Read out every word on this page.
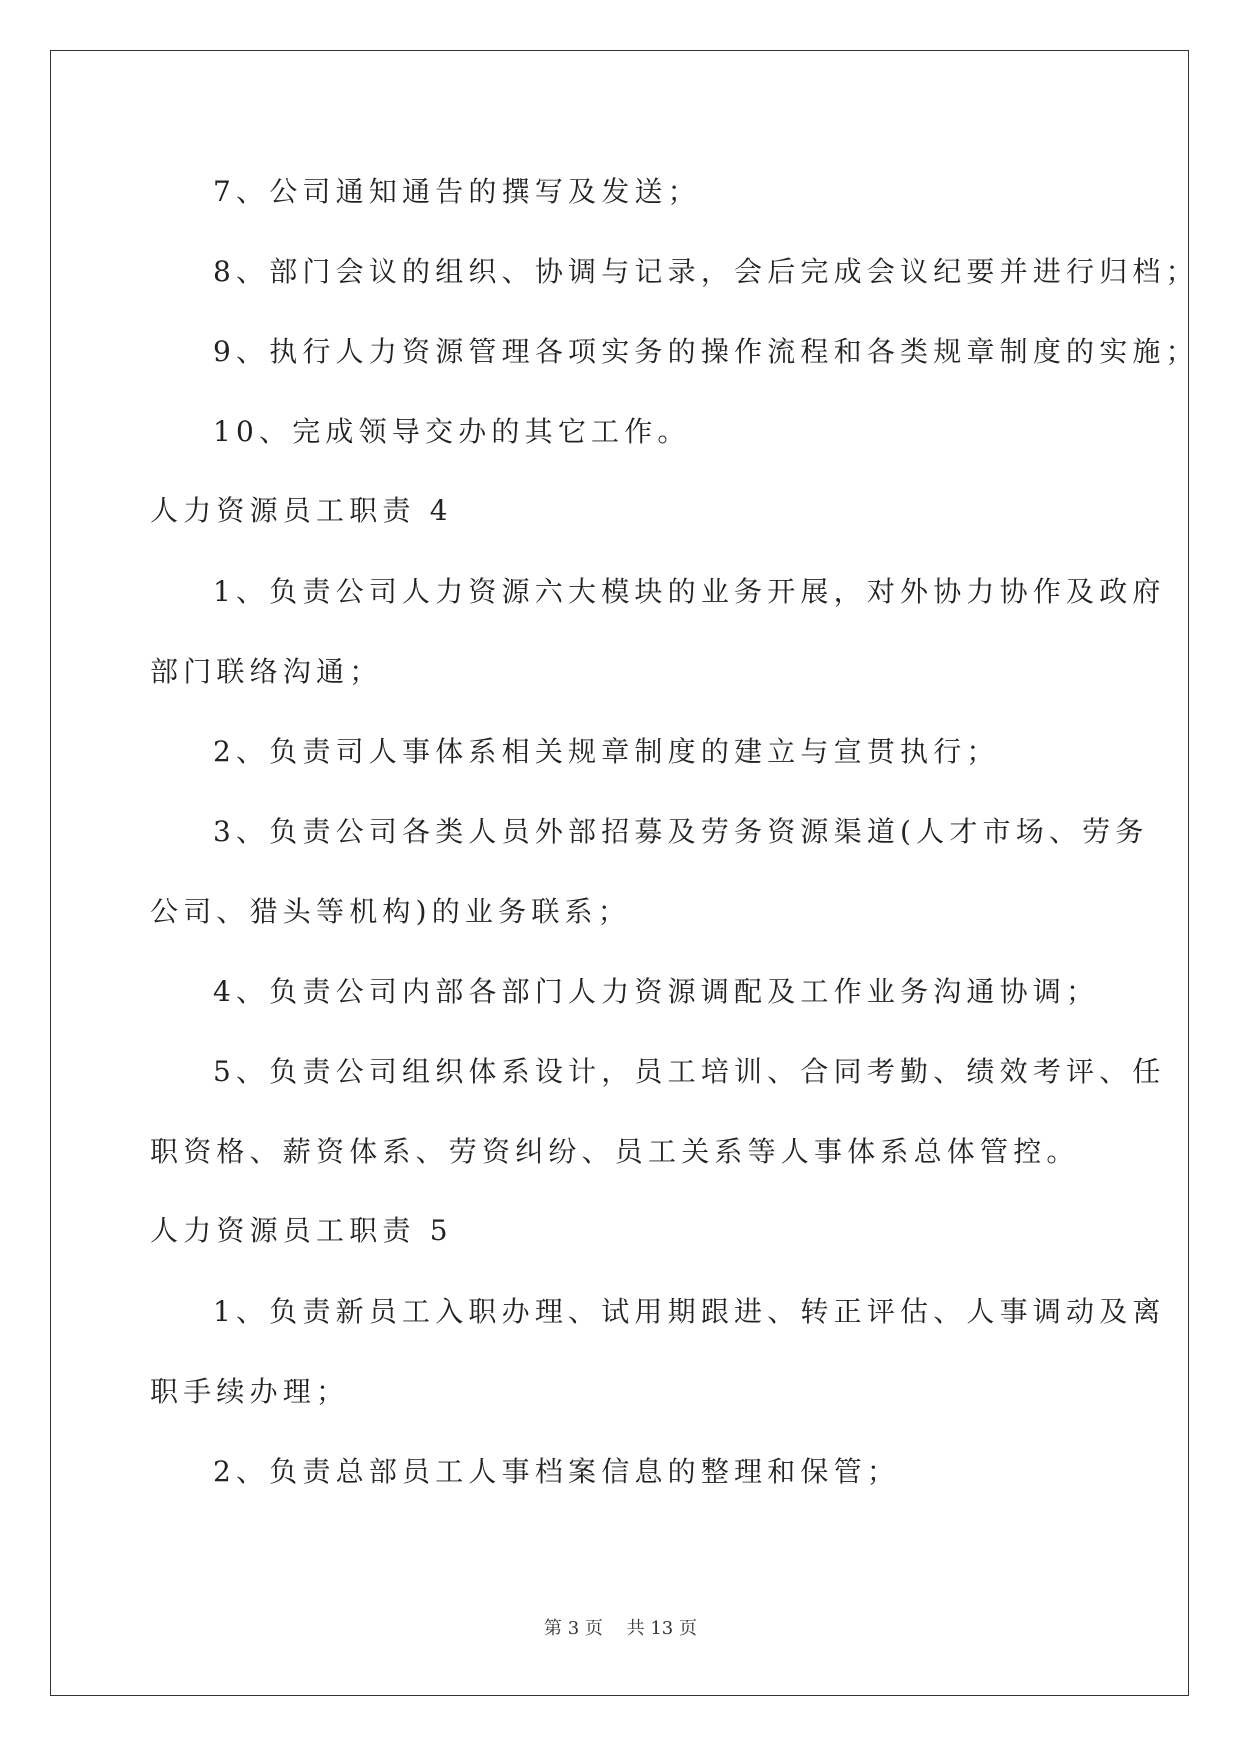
7、公司通知通告的撰写及发送；
8、部门会议的组织、协调与记录，会后完成会议纪要并进行归档；
9、执行人力资源管理各项实务的操作流程和各类规章制度的实施；
10、完成领导交办的其它工作。
人力资源员工职责 4
1、负责公司人力资源六大模块的业务开展，对外协力协作及政府
部门联络沟通；
2、负责司人事体系相关规章制度的建立与宣贯执行；
3、负责公司各类人员外部招募及劳务资源渠道(人才市场、劳务
公司、猎头等机构)的业务联系；
4、负责公司内部各部门人力资源调配及工作业务沟通协调；
5、负责公司组织体系设计，员工培训、合同考勤、绩效考评、任
职资格、薪资体系、劳资纠纷、员工关系等人事体系总体管控。
人力资源员工职责 5
1、负责新员工入职办理、试用期跟进、转正评估、人事调动及离
职手续办理；
2、负责总部员工人事档案信息的整理和保管；
第 3 页　 共 13 页
